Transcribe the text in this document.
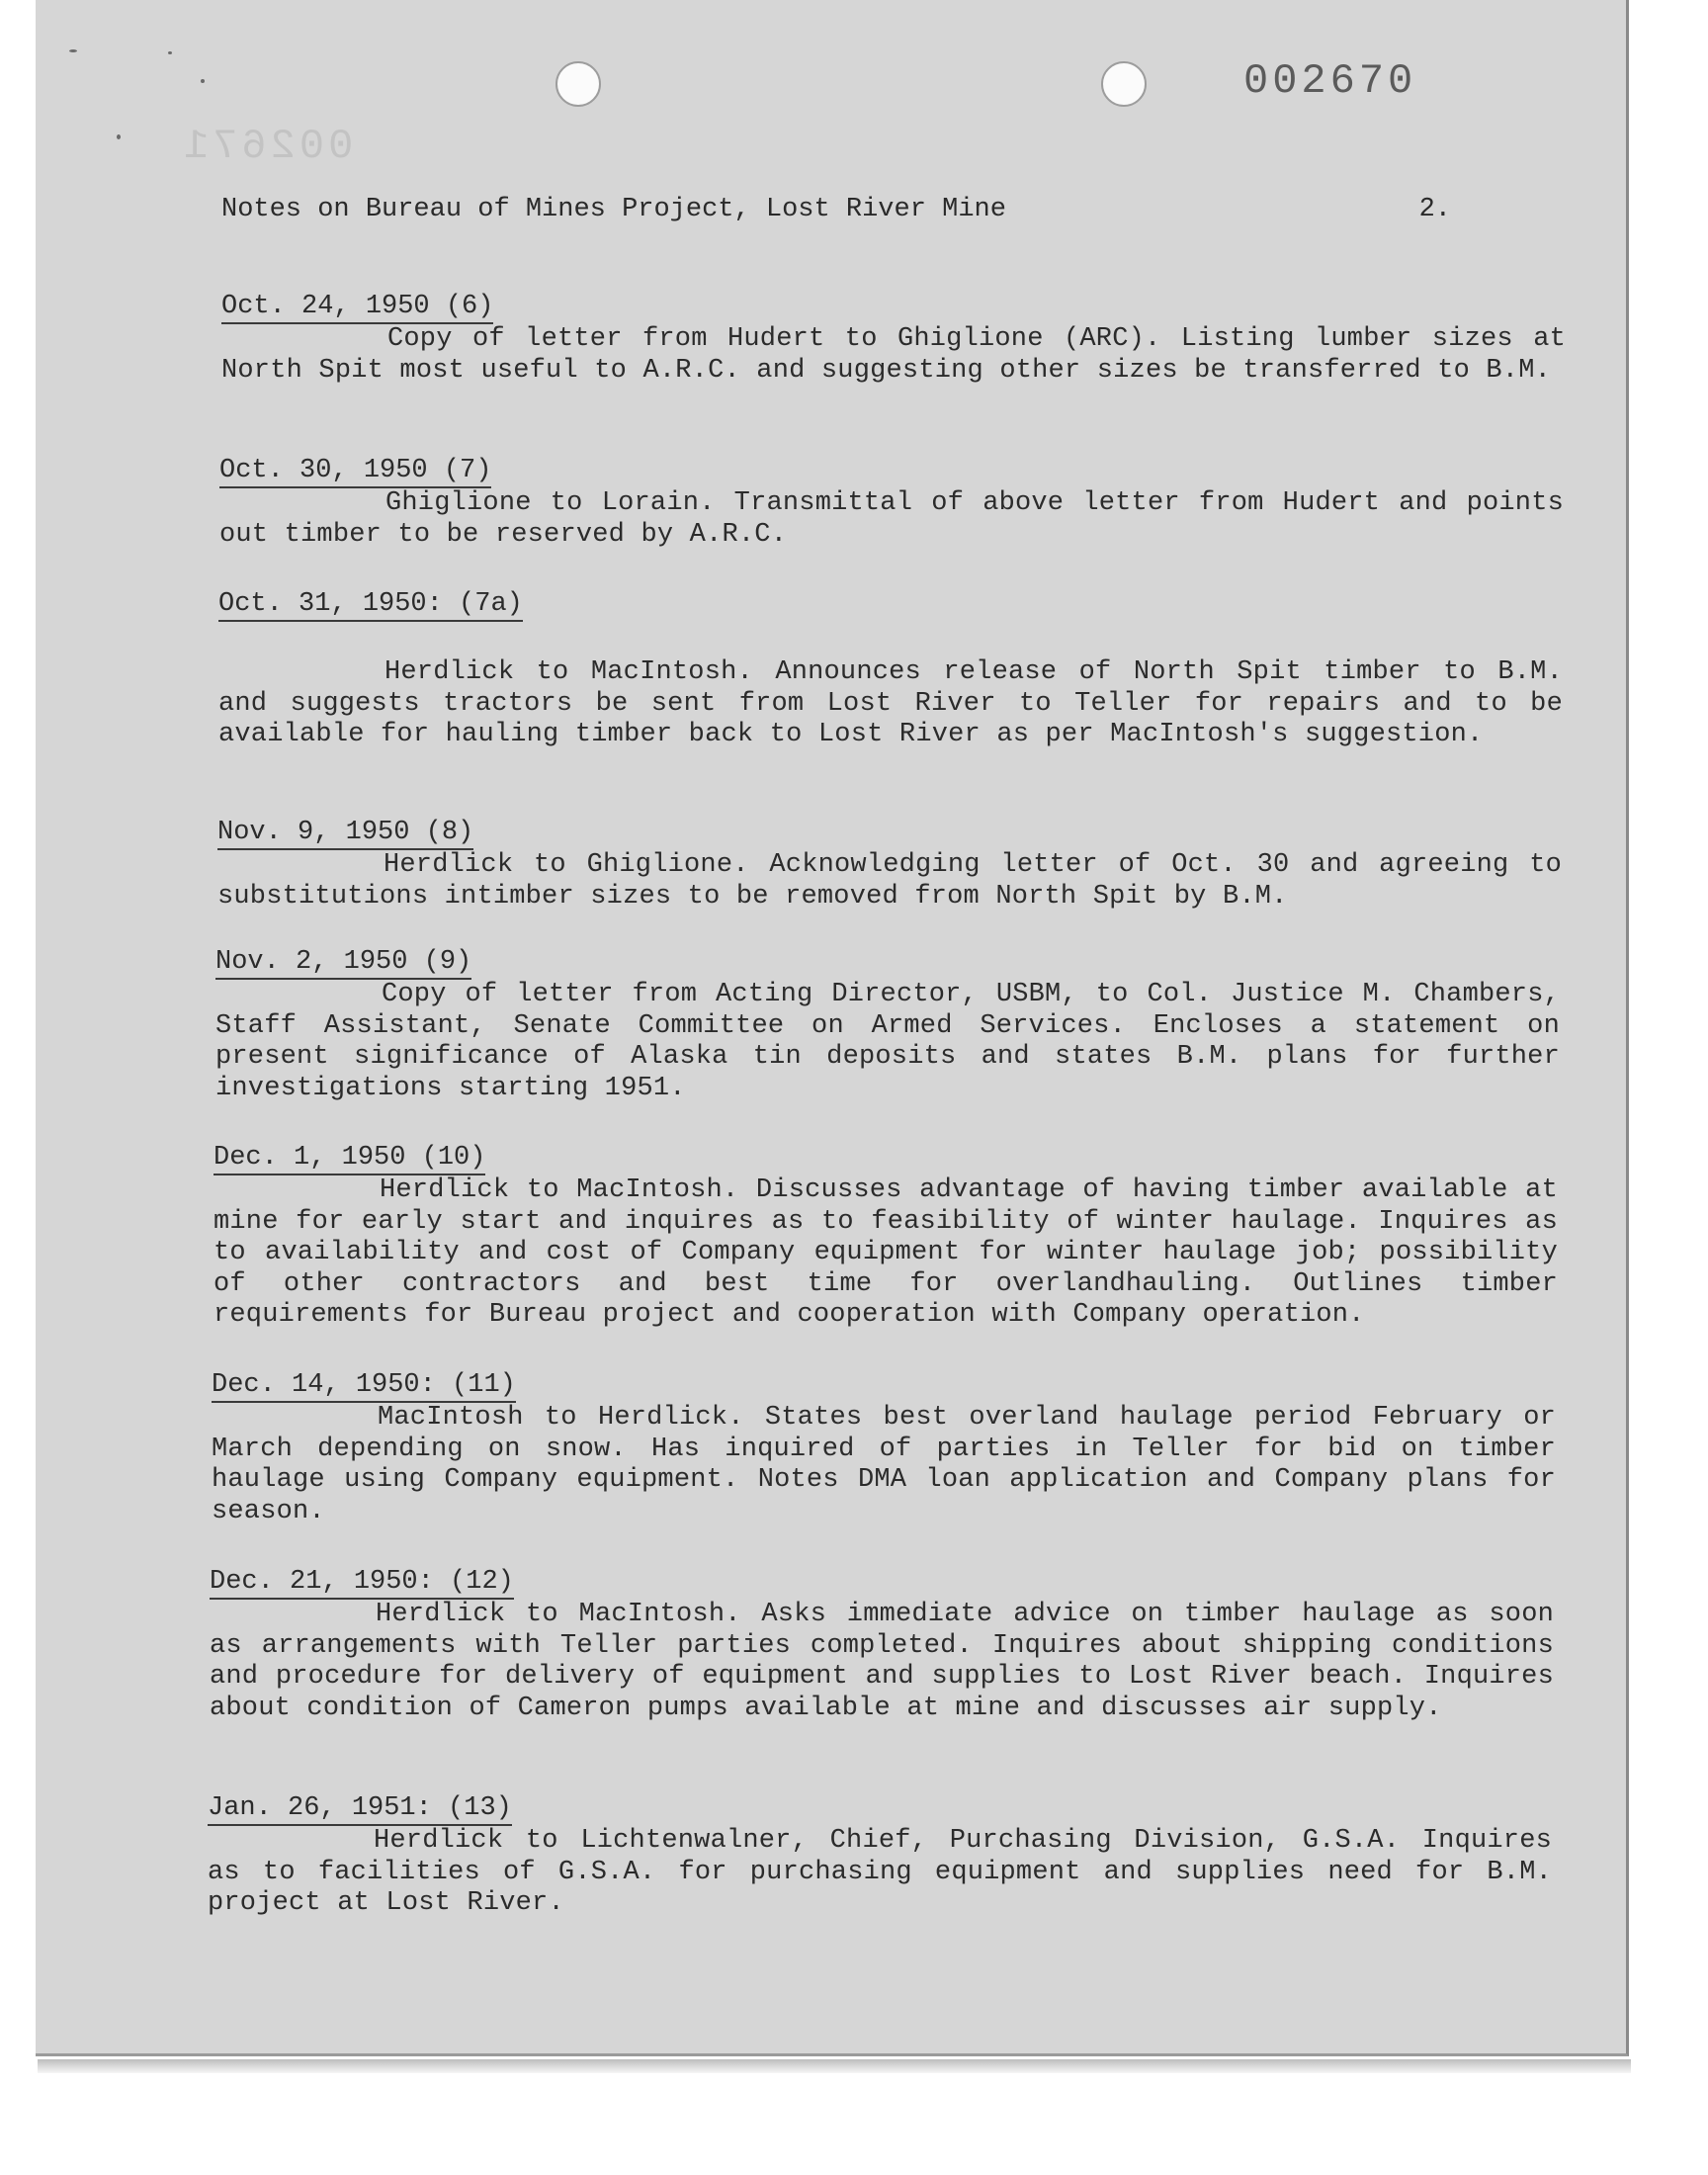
002670
002671
Notes on Bureau of Mines Project, Lost River Mine	2.
Oct. 24, 1950 (6)

Copy of letter from Hudert to Ghiglione (ARC). Listing lumber sizes at North Spit most useful to A.R.C. and suggesting other sizes be transferred to B.M.

Oct. 30, 1950 (7)

Ghiglione to Lorain. Transmittal of above letter from Hudert and points out timber to be reserved by A.R.C.

Oct. 31, 1950: (7a)

Herdlick to MacIntosh. Announces release of North Spit timber to B.M. and suggests tractors be sent from Lost River to Teller for repairs and to be available for hauling timber back to Lost River as per MacIntosh's suggestion.

Nov. 9, 1950 (8)

Herdlick to Ghiglione. Acknowledging letter of Oct. 30 and agreeing to substitutions intimber sizes to be removed from North Spit by B.M.

Nov. 2, 1950 (9)

Copy of letter from Acting Director, USBM, to Col. Justice M. Chambers, Staff Assistant, Senate Committee on Armed Services. Encloses a statement on present significance of Alaska tin deposits and states B.M. plans for further investigations starting 1951.

Dec. 1, 1950 (10)

Herdlick to MacIntosh. Discusses advantage of having timber available at mine for early start and inquires as to feasibility of winter haulage. Inquires as to availability and cost of Company equipment for winter haulage job; possibility of other contractors and best time for overlandhauling. Outlines timber requirements for Bureau project and cooperation with Company operation.

Dec. 14, 1950: (11)

MacIntosh to Herdlick. States best overland haulage period February or March depending on snow. Has inquired of parties in Teller for bid on timber haulage using Company equipment. Notes DMA loan application and Company plans for season.

Dec. 21, 1950: (12)

Herdlick to MacIntosh. Asks immediate advice on timber haulage as soon as arrangements with Teller parties completed. Inquires about shipping conditions and procedure for delivery of equipment and supplies to Lost River beach. Inquires about condition of Cameron pumps available at mine and discusses air supply.

Jan. 26, 1951: (13)

Herdlick to Lichtenwalner, Chief, Purchasing Division, G.S.A. Inquires as to facilities of G.S.A. for purchasing equipment and supplies need for B.M. project at Lost River.
